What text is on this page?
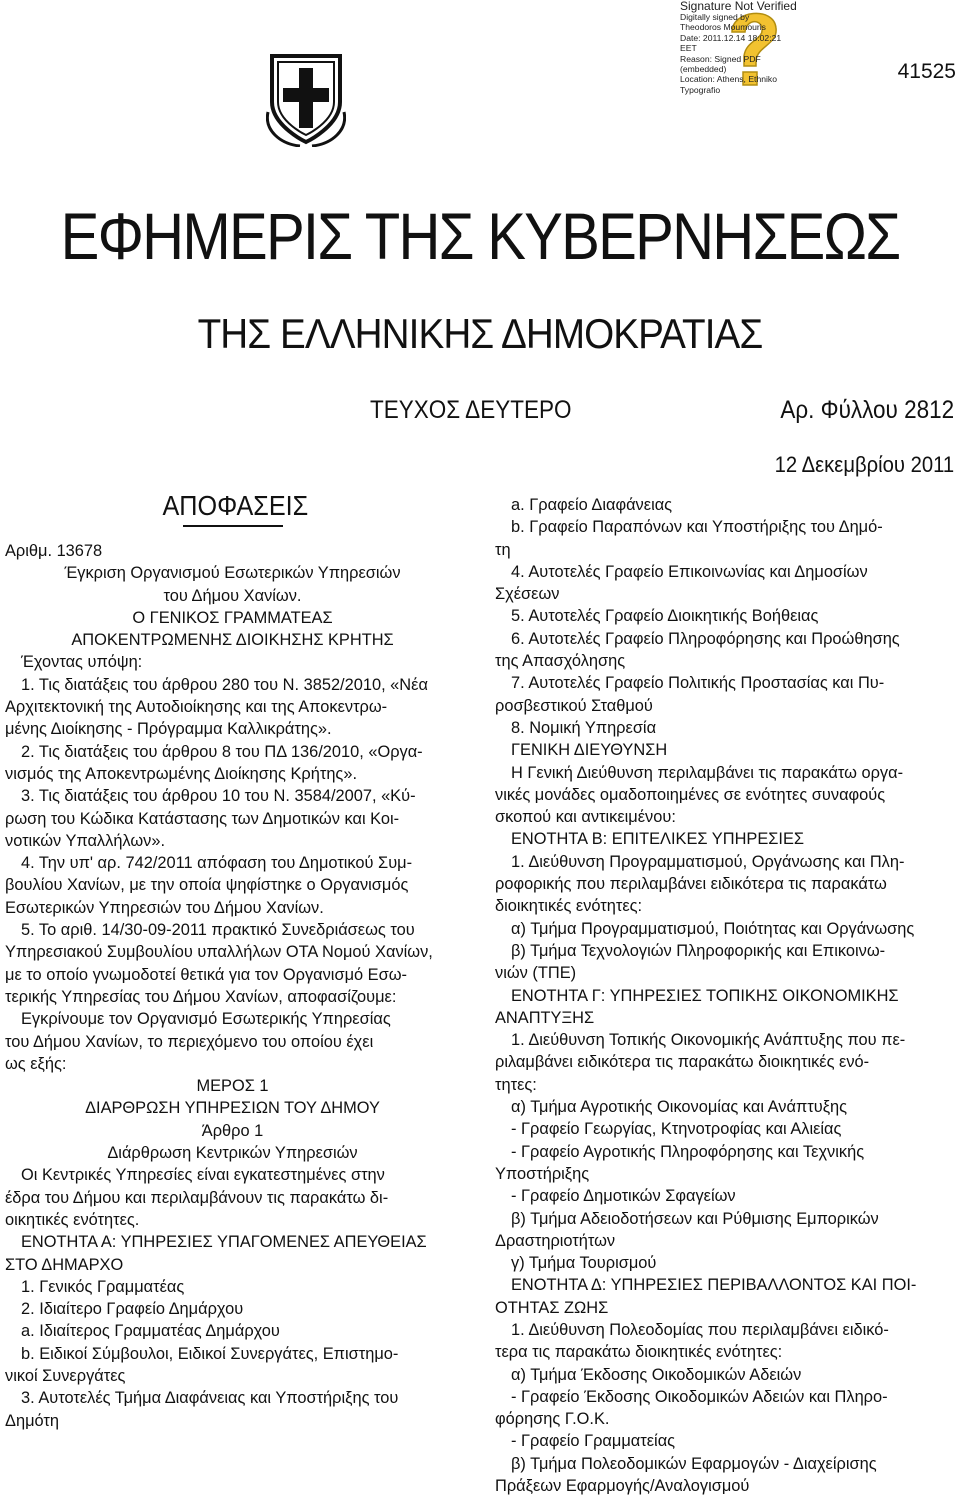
Signature Not Verified
Digitally signed by
Theodoros Moumouris
Date: 2011.12.14 18:02:21
EET
Reason: Signed PDF
(embedded)
Location: Athens, Ethniko
Typografio
41525
ΕΦΗΜΕΡΙΣ ΤΗΣ ΚΥΒΕΡΝΗΣΕΩΣ
ΤΗΣ ΕΛΛΗΝΙΚΗΣ ΔΗΜΟΚΡΑΤΙΑΣ
ΤΕΥΧΟΣ ΔΕΥΤΕΡΟ	Αρ. Φύλλου 2812
12 Δεκεμβρίου 2011
ΑΠΟΦΑΣΕΙΣ
Αριθμ. 13678
Έγκριση Οργανισμού Εσωτερικών Υπηρεσιών
του Δήμου Χανίων.
Ο ΓΕΝΙΚΟΣ ΓΡΑΜΜΑΤΕΑΣ
ΑΠΟΚΕΝΤΡΩΜΕΝΗΣ ΔΙΟΙΚΗΣΗΣ ΚΡΗΤΗΣ
Έχοντας υπόψη:
1. Τις διατάξεις του άρθρου 280 του Ν. 3852/2010, «Νέα
Αρχιτεκτονική της Αυτοδιοίκησης και της Αποκεντρω‑
μένης Διοίκησης ‑ Πρόγραμμα Καλλικράτης».
2. Τις διατάξεις του άρθρου 8 του ΠΔ 136/2010, «Οργα‑
νισμός της Αποκεντρωμένης Διοίκησης Κρήτης».
3. Τις διατάξεις του άρθρου 10 του Ν. 3584/2007, «Κύ‑
ρωση του Κώδικα Κατάστασης των Δημοτικών και Κοι‑
νοτικών Υπαλλήλων».
4. Την υπ' αρ. 742/2011 απόφαση του Δημοτικού Συμ‑
βουλίου Χανίων, με την οποία ψηφίστηκε ο Οργανισμός
Εσωτερικών Υπηρεσιών του Δήμου Χανίων.
5. Το αριθ. 14/30‑09‑2011 πρακτικό Συνεδριάσεως του
Υπηρεσιακού Συμβουλίου υπαλλήλων ΟΤΑ Νομού Χανίων,
με το οποίο γνωμοδοτεί θετικά για τον Οργανισμό Εσω‑
τερικής Υπηρεσίας του Δήμου Χανίων, αποφασίζουμε:
Εγκρίνουμε τον Οργανισμό Εσωτερικής Υπηρεσίας
του Δήμου Χανίων, το περιεχόμενο του οποίου έχει
ως εξής:
ΜΕΡΟΣ 1
ΔΙΑΡΘΡΩΣΗ ΥΠΗΡΕΣΙΩΝ ΤΟΥ ΔΗΜΟΥ
Άρθρο 1
Διάρθρωση Κεντρικών Υπηρεσιών
Οι Κεντρικές Υπηρεσίες είναι εγκατεστημένες στην
έδρα του Δήμου και περιλαμβάνουν τις παρακάτω δι‑
οικητικές ενότητες.
ΕΝΟΤΗΤΑ Α: ΥΠΗΡΕΣΙΕΣ ΥΠΑΓΟΜΕΝΕΣ ΑΠΕΥΘΕΙΑΣ
ΣΤΟ ΔΗΜΑΡΧΟ
1. Γενικός Γραμματέας
2. Ιδιαίτερο Γραφείο Δημάρχου
a. Ιδιαίτερος Γραμματέας Δημάρχου
b. Ειδικοί Σύμβουλοι, Ειδικοί Συνεργάτες, Επιστημο‑
νικοί Συνεργάτες
3. Αυτοτελές Τμήμα Διαφάνειας και Υποστήριξης του
Δημότη
a. Γραφείο Διαφάνειας
b. Γραφείο Παραπόνων και Υποστήριξης του Δημό‑
τη
4. Αυτοτελές Γραφείο Επικοινωνίας και Δημοσίων
Σχέσεων
5. Αυτοτελές Γραφείο Διοικητικής Βοήθειας
6. Αυτοτελές Γραφείο Πληροφόρησης και Προώθησης
της Απασχόλησης
7. Αυτοτελές Γραφείο Πολιτικής Προστασίας και Πυ‑
ροσβεστικού Σταθμού
8. Νομική Υπηρεσία
ΓΕΝΙΚΗ ΔΙΕΥΘΥΝΣΗ
Η Γενική Διεύθυνση περιλαμβάνει τις παρακάτω οργα‑
νικές μονάδες ομαδοποιημένες σε ενότητες συναφούς
σκοπού και αντικειμένου:
ΕΝΟΤΗΤΑ Β: ΕΠΙΤΕΛΙΚΕΣ ΥΠΗΡΕΣΙΕΣ
1. Διεύθυνση Προγραμματισμού, Οργάνωσης και Πλη‑
ροφορικής που περιλαμβάνει ειδικότερα τις παρακάτω
διοικητικές ενότητες:
α) Τμήμα Προγραμματισμού, Ποιότητας και Οργάνωσης
β) Τμήμα Τεχνολογιών Πληροφορικής και Επικοινω‑
νιών (ΤΠΕ)
ΕΝΟΤΗΤΑ Γ: ΥΠΗΡΕΣΙΕΣ ΤΟΠΙΚΗΣ ΟΙΚΟΝΟΜΙΚΗΣ
ΑΝΑΠΤΥΞΗΣ
1. Διεύθυνση Τοπικής Οικονομικής Ανάπτυξης που πε‑
ριλαμβάνει ειδικότερα τις παρακάτω διοικητικές ενό‑
τητες:
α) Τμήμα Αγροτικής Οικονομίας και Ανάπτυξης
‑ Γραφείο Γεωργίας, Κτηνοτροφίας και Αλιείας
‑ Γραφείο Αγροτικής Πληροφόρησης και Τεχνικής
Υποστήριξης
‑ Γραφείο Δημοτικών Σφαγείων
β) Τμήμα Αδειοδοτήσεων και Ρύθμισης Εμπορικών
Δραστηριοτήτων
γ) Τμήμα Τουρισμού
ΕΝΟΤΗΤΑ Δ: ΥΠΗΡΕΣΙΕΣ ΠΕΡΙΒΑΛΛΟΝΤΟΣ ΚΑΙ ΠΟΙ‑
ΟΤΗΤΑΣ ΖΩΗΣ
1. Διεύθυνση Πολεοδομίας που περιλαμβάνει ειδικό‑
τερα τις παρακάτω διοικητικές ενότητες:
α) Τμήμα Έκδοσης Οικοδομικών Αδειών
‑ Γραφείο Έκδοσης Οικοδομικών Αδειών και Πληρο‑
φόρησης Γ.Ο.Κ.
‑ Γραφείο Γραμματείας
β) Τμήμα Πολεοδομικών Εφαρμογών ‑ Διαχείρισης
Πράξεων Εφαρμογής/Αναλογισμού
